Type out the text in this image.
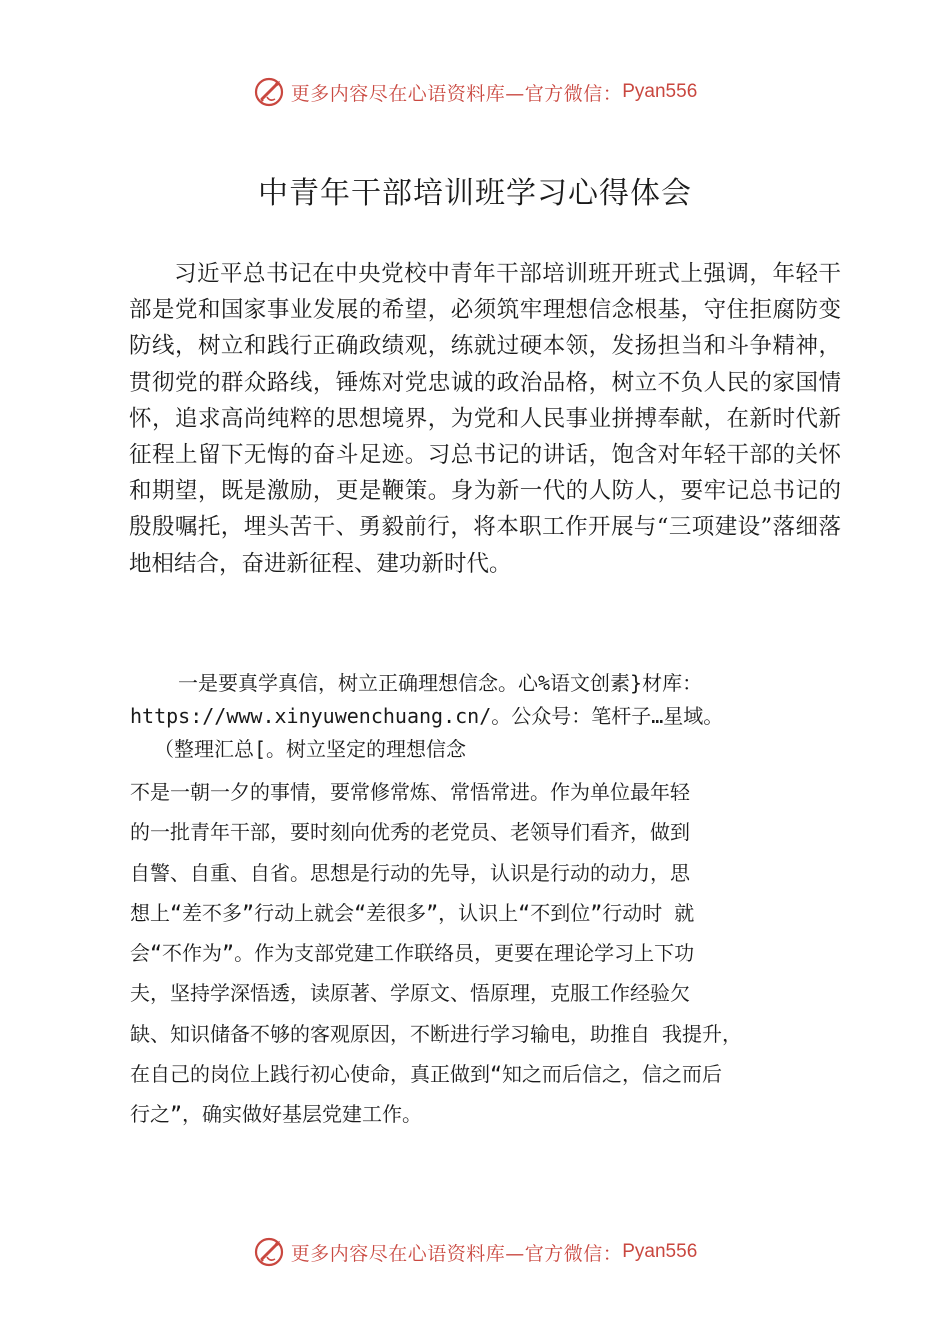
更多内容尽在心语资料库—官方微信： Pyan556
中青年干部培训班学习心得体会

习近平总书记在中央党校中青年干部培训班开班式上强调，年轻干部是党和国家事业发展的希望，必须筑牢理想信念根基，守住拒腐防变防线，树立和践行正确政绩观，练就过硬本领，发扬担当和斗争精神，贯彻党的群众路线，锤炼对党忠诚的政治品格，树立不负人民的家国情怀，追求高尚纯粹的思想境界，为党和人民事业拼搏奉献，在新时代新征程上留下无悔的奋斗足迹。习总书记的讲话，饱含对年轻干部的关怀和期望，既是激励，更是鞭策。身为新一代的人防人，要牢记总书记的殷殷嘱托，埋头苦干、勇毅前行，将本职工作开展与“三项建设”落细落地相结合，奋进新征程、建功新时代。

一是要真学真信，树立正确理想信念。心%语文创素}材库：
https://www.xinyuwenchuang.cn/。公众号：笔杆子…星域。
（整理汇总[。树立坚定的理想信念
不是一朝一夕的事情，要常修常炼、常悟常进。作为单位最年轻
的一批青年干部，要时刻向优秀的老党员、老领导们看齐，做到
自警、自重、自省。思想是行动的先导，认识是行动的动力，思
想上“差不多”行动上就会“差很多”，认识上“不到位”行动时 就
会“不作为”。作为支部党建工作联络员，更要在理论学习上下功
夫，坚持学深悟透，读原著、学原文、悟原理，克服工作经验欠
缺、知识储备不够的客观原因，不断进行学习输电，助推自 我提升，
在自己的岗位上践行初心使命，真正做到“知之而后信之，信之而后
行之”，确实做好基层党建工作。
更多内容尽在心语资料库—官方微信： Pyan556
